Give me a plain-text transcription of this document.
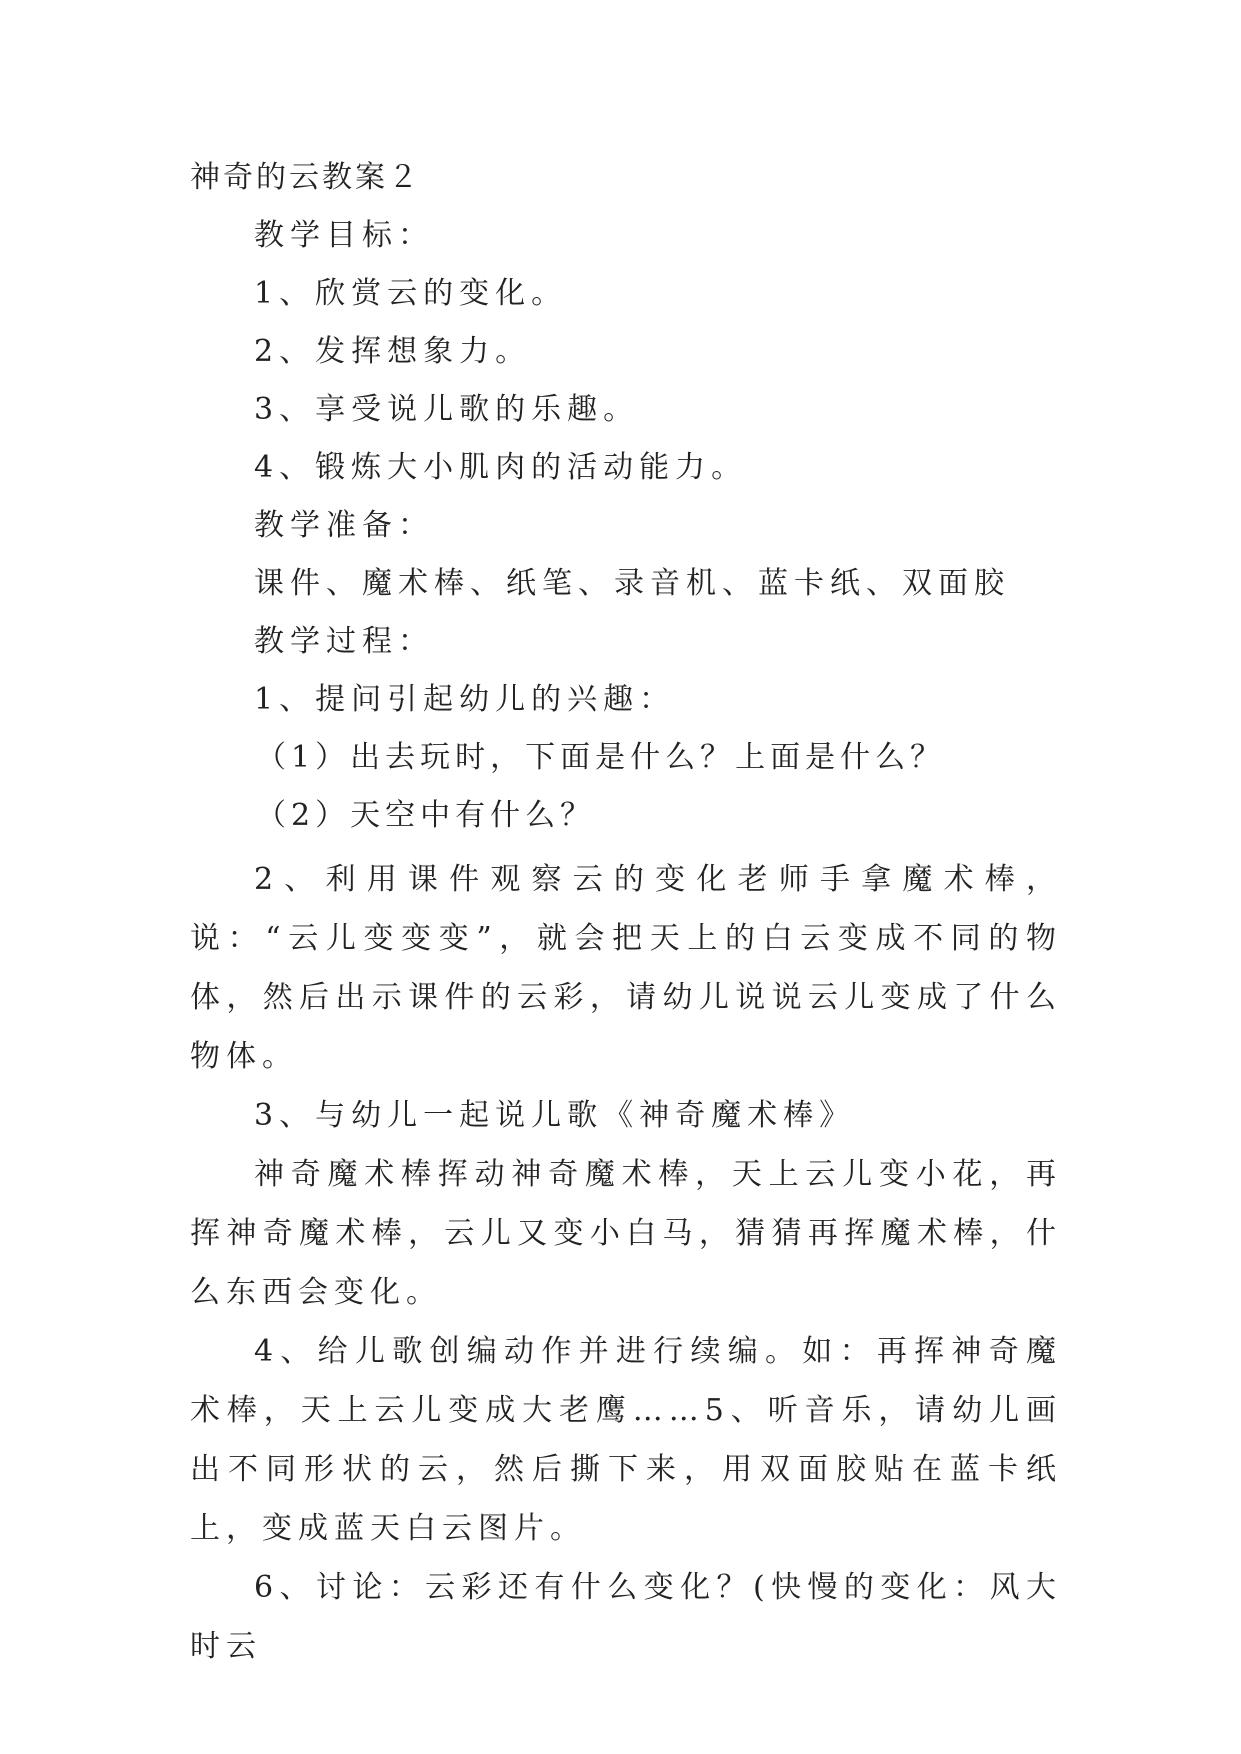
神奇的云教案２
教学目标：
1、欣赏云的变化。
2、发挥想象力。
3、享受说儿歌的乐趣。
4、锻炼大小肌肉的活动能力。
教学准备：
课件、魔术棒、纸笔、录音机、蓝卡纸、双面胶
教学过程：
1、提问引起幼儿的兴趣：
（1）出去玩时，下面是什么？上面是什么？
（2）天空中有什么？

2、利用课件观察云的变化老师手拿魔术棒，说：“云儿变变变”，就会把天上的白云变成不同的物体，然后出示课件的云彩，请幼儿说说云儿变成了什么物体。

3、与幼儿一起说儿歌《神奇魔术棒》

神奇魔术棒挥动神奇魔术棒，天上云儿变小花，再挥神奇魔术棒，云儿又变小白马，猜猜再挥魔术棒，什么东西会变化。

4、给儿歌创编动作并进行续编。如：再挥神奇魔术棒，天上云儿变成大老鹰……5、听音乐，请幼儿画出不同形状的云，然后撕下来，用双面胶贴在蓝卡纸上，变成蓝天白云图片。

6、讨论：云彩还有什么变化？(快慢的变化：风大时云
